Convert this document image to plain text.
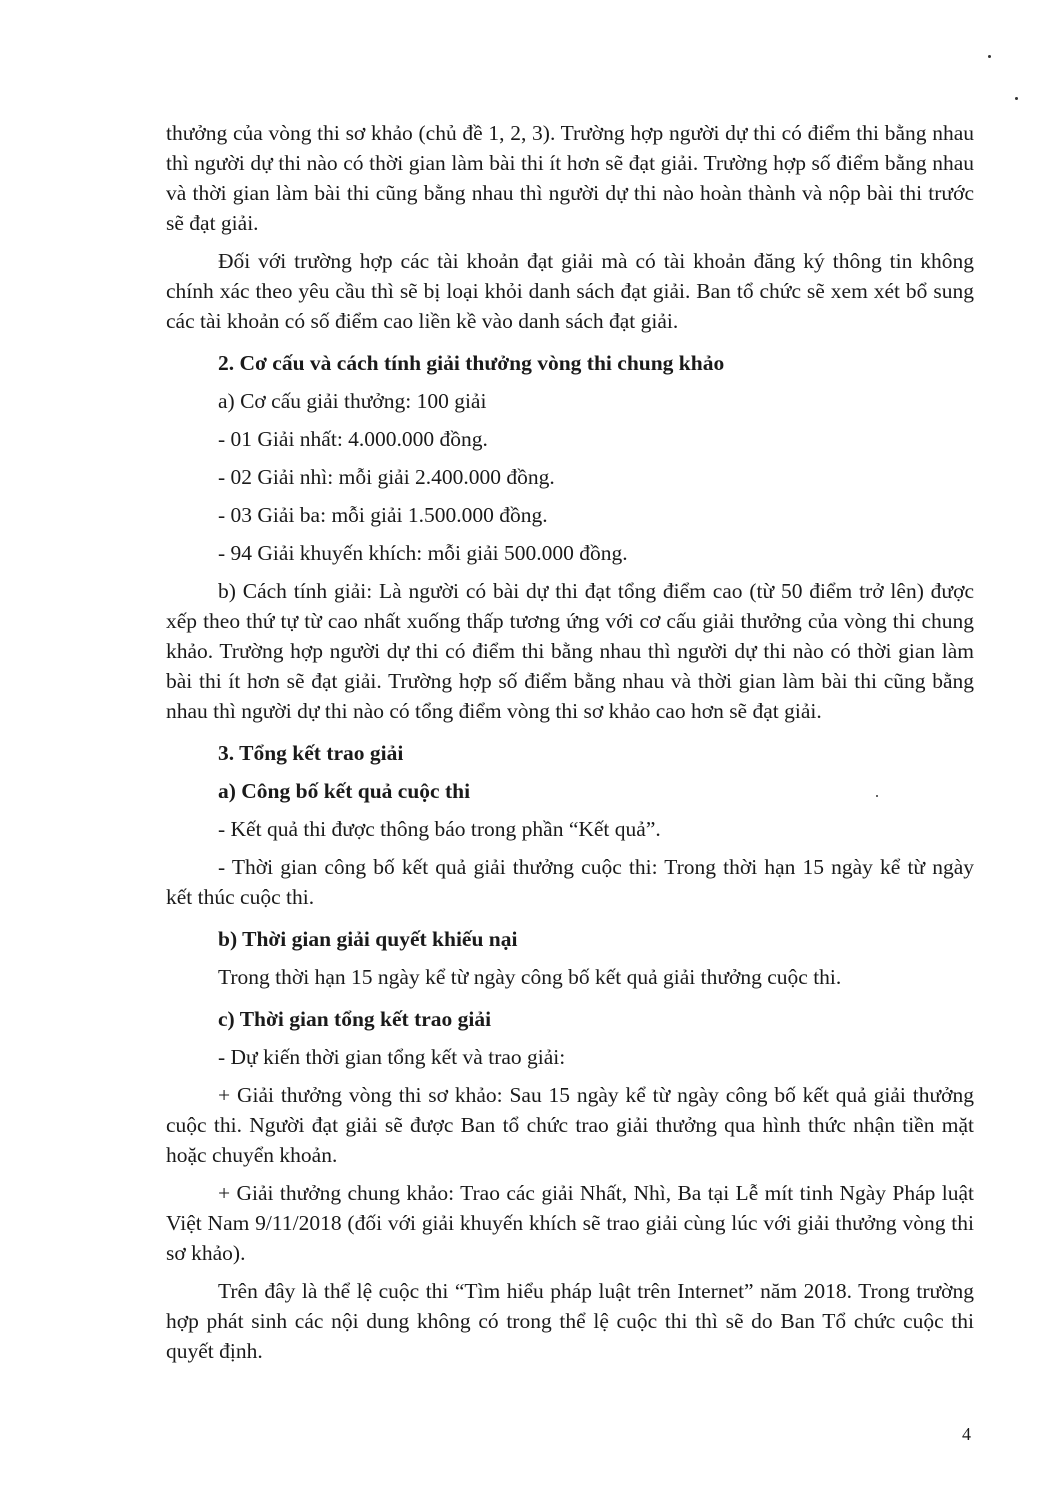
thưởng của vòng thi sơ khảo (chủ đề 1, 2, 3). Trường hợp người dự thi có điểm thi bằng nhau thì người dự thi nào có thời gian làm bài thi ít hơn sẽ đạt giải. Trường hợp số điểm bằng nhau và thời gian làm bài thi cũng bằng nhau thì người dự thi nào hoàn thành và nộp bài thi trước sẽ đạt giải.

Đối với trường hợp các tài khoản đạt giải mà có tài khoản đăng ký thông tin không chính xác theo yêu cầu thì sẽ bị loại khỏi danh sách đạt giải. Ban tổ chức sẽ xem xét bổ sung các tài khoản có số điểm cao liền kề vào danh sách đạt giải.

2. Cơ cấu và cách tính giải thưởng vòng thi chung khảo

a) Cơ cấu giải thưởng: 100 giải

- 01 Giải nhất: 4.000.000 đồng.

- 02 Giải nhì: mỗi giải 2.400.000 đồng.

- 03 Giải ba: mỗi giải 1.500.000 đồng.

- 94 Giải khuyến khích: mỗi giải 500.000 đồng.

b) Cách tính giải: Là người có bài dự thi đạt tổng điểm cao (từ 50 điểm trở lên) được xếp theo thứ tự từ cao nhất xuống thấp tương ứng với cơ cấu giải thưởng của vòng thi chung khảo. Trường hợp người dự thi có điểm thi bằng nhau thì người dự thi nào có thời gian làm bài thi ít hơn sẽ đạt giải. Trường hợp số điểm bằng nhau và thời gian làm bài thi cũng bằng nhau thì người dự thi nào có tổng điểm vòng thi sơ khảo cao hơn sẽ đạt giải.

3. Tổng kết trao giải

a) Công bố kết quả cuộc thi

- Kết quả thi được thông báo trong phần “Kết quả”.

- Thời gian công bố kết quả giải thưởng cuộc thi: Trong thời hạn 15 ngày kể từ ngày kết thúc cuộc thi.

b) Thời gian giải quyết khiếu nại

Trong thời hạn 15 ngày kể từ ngày công bố kết quả giải thưởng cuộc thi.

c) Thời gian tổng kết trao giải

- Dự kiến thời gian tổng kết và trao giải:

+ Giải thưởng vòng thi sơ khảo: Sau 15 ngày kể từ ngày công bố kết quả giải thưởng cuộc thi. Người đạt giải sẽ được Ban tổ chức trao giải thưởng qua hình thức nhận tiền mặt hoặc chuyển khoản.

+ Giải thưởng chung khảo: Trao các giải Nhất, Nhì, Ba tại Lễ mít tinh Ngày Pháp luật Việt Nam 9/11/2018 (đối với giải khuyến khích sẽ trao giải cùng lúc với giải thưởng vòng thi sơ khảo).

Trên đây là thể lệ cuộc thi “Tìm hiểu pháp luật trên Internet” năm 2018. Trong trường hợp phát sinh các nội dung không có trong thể lệ cuộc thi thì sẽ do Ban Tổ chức cuộc thi quyết định.

4
